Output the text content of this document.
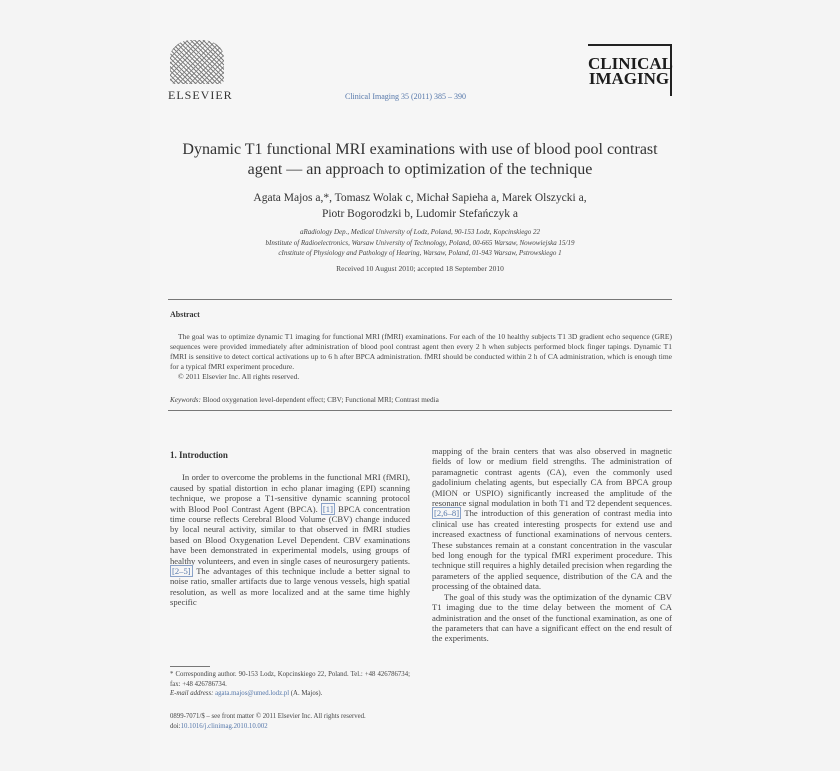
ELSEVIER	Clinical Imaging 35 (2011) 385 – 390
CLINICAL
IMAGING
Dynamic T1 functional MRI examinations with use of blood pool contrast
agent — an approach to optimization of the technique
Agata Majos a,*, Tomasz Wolak c, Michał Sapieha a, Marek Olszycki a,
Piotr Bogorodzki b, Ludomir Stefańczyk a
aRadiology Dep., Medical University of Lodz, Poland, 90-153 Lodz, Kopcinskiego 22
bInstitute of Radioelectronics, Warsaw University of Technology, Poland, 00-665 Warsaw, Nowowiejska 15/19
cInstitute of Physiology and Pathology of Hearing, Warsaw, Poland, 01-943 Warsaw, Pstrowskiego 1
Received 10 August 2010; accepted 18 September 2010
Abstract
The goal was to optimize dynamic T1 imaging for functional MRI (fMRI) examinations. For each of the 10 healthy subjects T1 3D gradient echo sequence (GRE) sequences were provided immediately after administration of blood pool contrast agent then every 2 h when subjects performed block finger tapings. Dynamic T1 fMRI is sensitive to detect cortical activations up to 6 h after BPCA administration. fMRI should be conducted within 2 h of CA administration, which is enough time for a typical fMRI experiment procedure.
© 2011 Elsevier Inc. All rights reserved.
Keywords: Blood oxygenation level-dependent effect; CBV; Functional MRI; Contrast media
1. Introduction

In order to overcome the problems in the functional MRI (fMRI), caused by spatial distortion in echo planar imaging (EPI) scanning technique, we propose a T1-sensitive dynamic scanning protocol with Blood Pool Contrast Agent (BPCA). [1] BPCA concentration time course reflects Cerebral Blood Volume (CBV) change induced by local neural activity, similar to that observed in fMRI studies based on Blood Oxygenation Level Dependent. CBV examinations have been demonstrated in experimental models, using groups of healthy volunteers, and even in single cases of neurosurgery patients. [2–5] The advantages of this technique include a better signal to noise ratio, smaller artifacts due to large venous vessels, high spatial resolution, as well as more localized and at the same time highly specific

mapping of the brain centers that was also observed in magnetic fields of low or medium field strengths. The administration of paramagnetic contrast agents (CA), even the commonly used gadolinium chelating agents, but especially CA from BPCA group (MION or USPIO) significantly increased the amplitude of the resonance signal modulation in both T1 and T2 dependent sequences. [2,6–8] The introduction of this generation of contrast media into clinical use has created interesting prospects for extend use and increased exactness of functional examinations of nervous centers. These substances remain at a constant concentration in the vascular bed long enough for the typical fMRI experiment procedure. This technique still requires a highly detailed precision when regarding the parameters of the applied sequence, distribution of the CA and the processing of the obtained data.

The goal of this study was the optimization of the dynamic CBV T1 imaging due to the time delay between the moment of CA administration and the onset of the functional examination, as one of the parameters that can have a significant effect on the end result of the experiments.

* Corresponding author. 90-153 Lodz, Kopcinskiego 22, Poland. Tel.: +48 426786734; fax: +48 426786734.
E-mail address: agata.majos@umed.lodz.pl (A. Majos).
0899-7071/$ – see front matter © 2011 Elsevier Inc. All rights reserved.
doi:10.1016/j.clinimag.2010.10.002
